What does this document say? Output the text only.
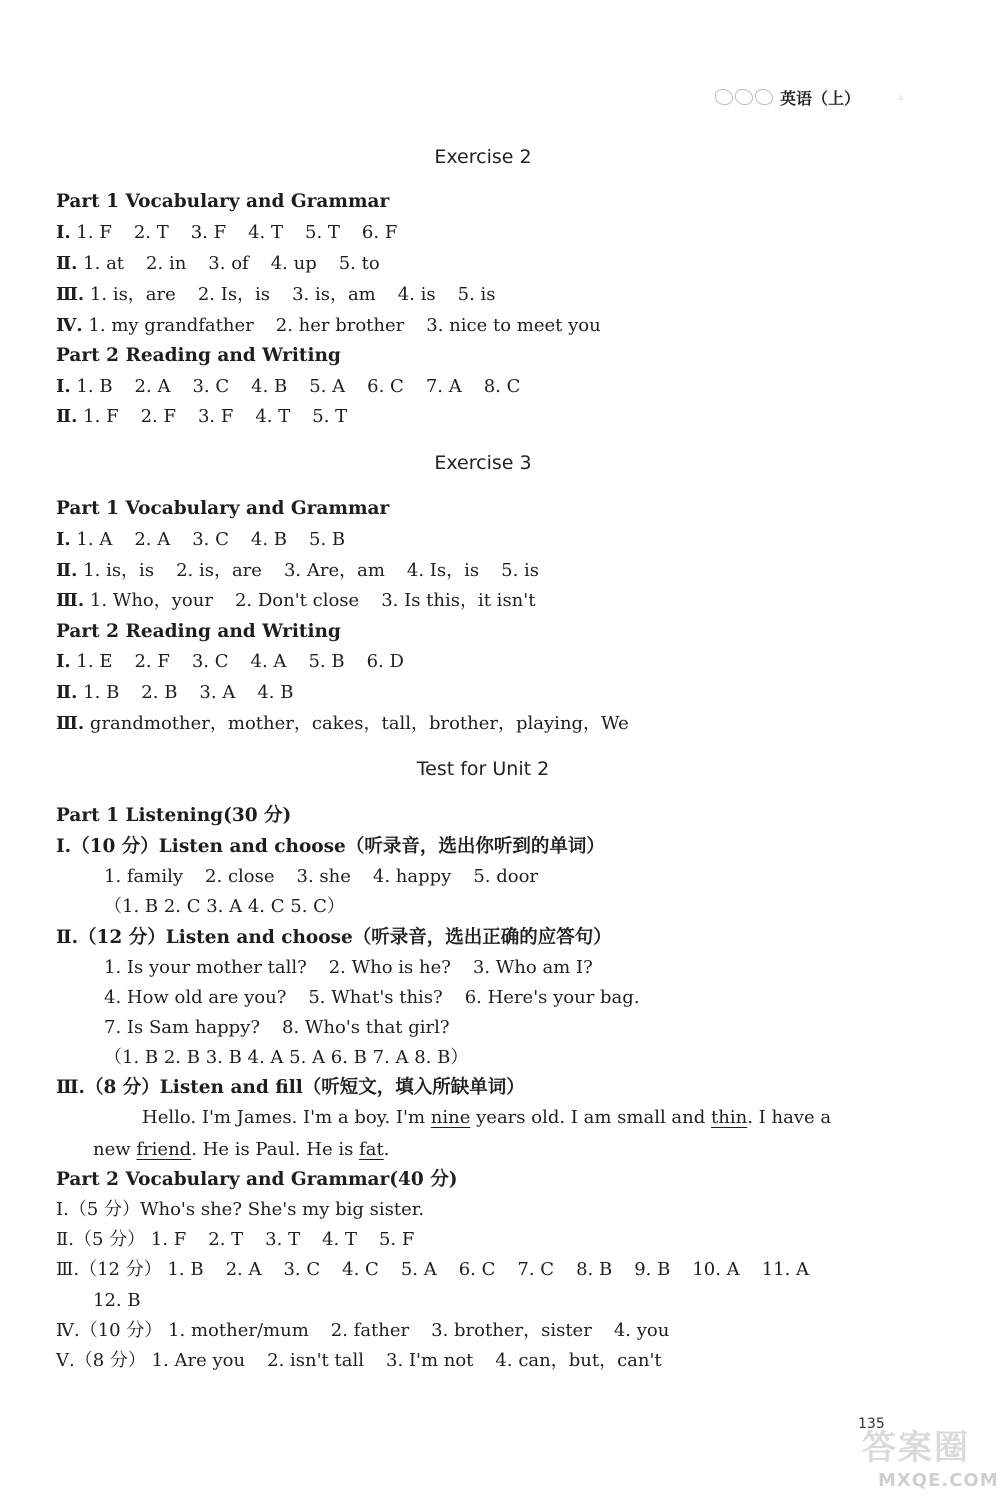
英语（上）	▵
Exercise 2
Part 1 Vocabulary and Grammar
Ⅰ. 1. F 2. T 3. F 4. T 5. T 6. F
Ⅱ. 1. at 2. in 3. of 4. up 5. to
Ⅲ. 1. is，are 2. Is，is 3. is，am 4. is 5. is
Ⅳ. 1. my grandfather 2. her brother 3. nice to meet you
Part 2 Reading and Writing
Ⅰ. 1. B 2. A 3. C 4. B 5. A 6. C 7. A 8. C
Ⅱ. 1. F 2. F 3. F 4. T 5. T
Exercise 3
Part 1 Vocabulary and Grammar
Ⅰ. 1. A 2. A 3. C 4. B 5. B
Ⅱ. 1. is，is 2. is，are 3. Are，am 4. Is，is 5. is
Ⅲ. 1. Who，your 2. Don't close 3. Is this，it isn't
Part 2 Reading and Writing
Ⅰ. 1. E 2. F 3. C 4. A 5. B 6. D
Ⅱ. 1. B 2. B 3. A 4. B
Ⅲ. grandmother，mother，cakes，tall，brother，playing，We
Test for Unit 2
Part 1 Listening(30 分)
Ⅰ.（10 分）Listen and choose（听录音，选出你听到的单词）
1. family 2. close 3. she 4. happy 5. door
（1. B 2. C 3. A 4. C 5. C）
Ⅱ.（12 分）Listen and choose（听录音，选出正确的应答句）
1. Is your mother tall? 2. Who is he? 3. Who am I?
4. How old are you? 5. What's this? 6. Here's your bag.
7. Is Sam happy? 8. Who's that girl?
（1. B 2. B 3. B 4. A 5. A 6. B 7. A 8. B）
Ⅲ.（8 分）Listen and fill（听短文，填入所缺单词）
Hello. I'm James. I'm a boy. I'm nine years old. I am small and thin. I have a
new friend. He is Paul. He is fat.
Part 2 Vocabulary and Grammar(40 分)
Ⅰ.（5 分）Who's she? She's my big sister.
Ⅱ.（5 分） 1. F 2. T 3. T 4. T 5. F
Ⅲ.（12 分） 1. B 2. A 3. C 4. C 5. A 6. C 7. C 8. B 9. B 10. A 11. A
12. B
Ⅳ.（10 分） 1. mother/mum 2. father 3. brother，sister 4. you
Ⅴ.（8 分） 1. Are you 2. isn't tall 3. I'm not 4. can，but，can't
答案圈
MXQE.COM
135
